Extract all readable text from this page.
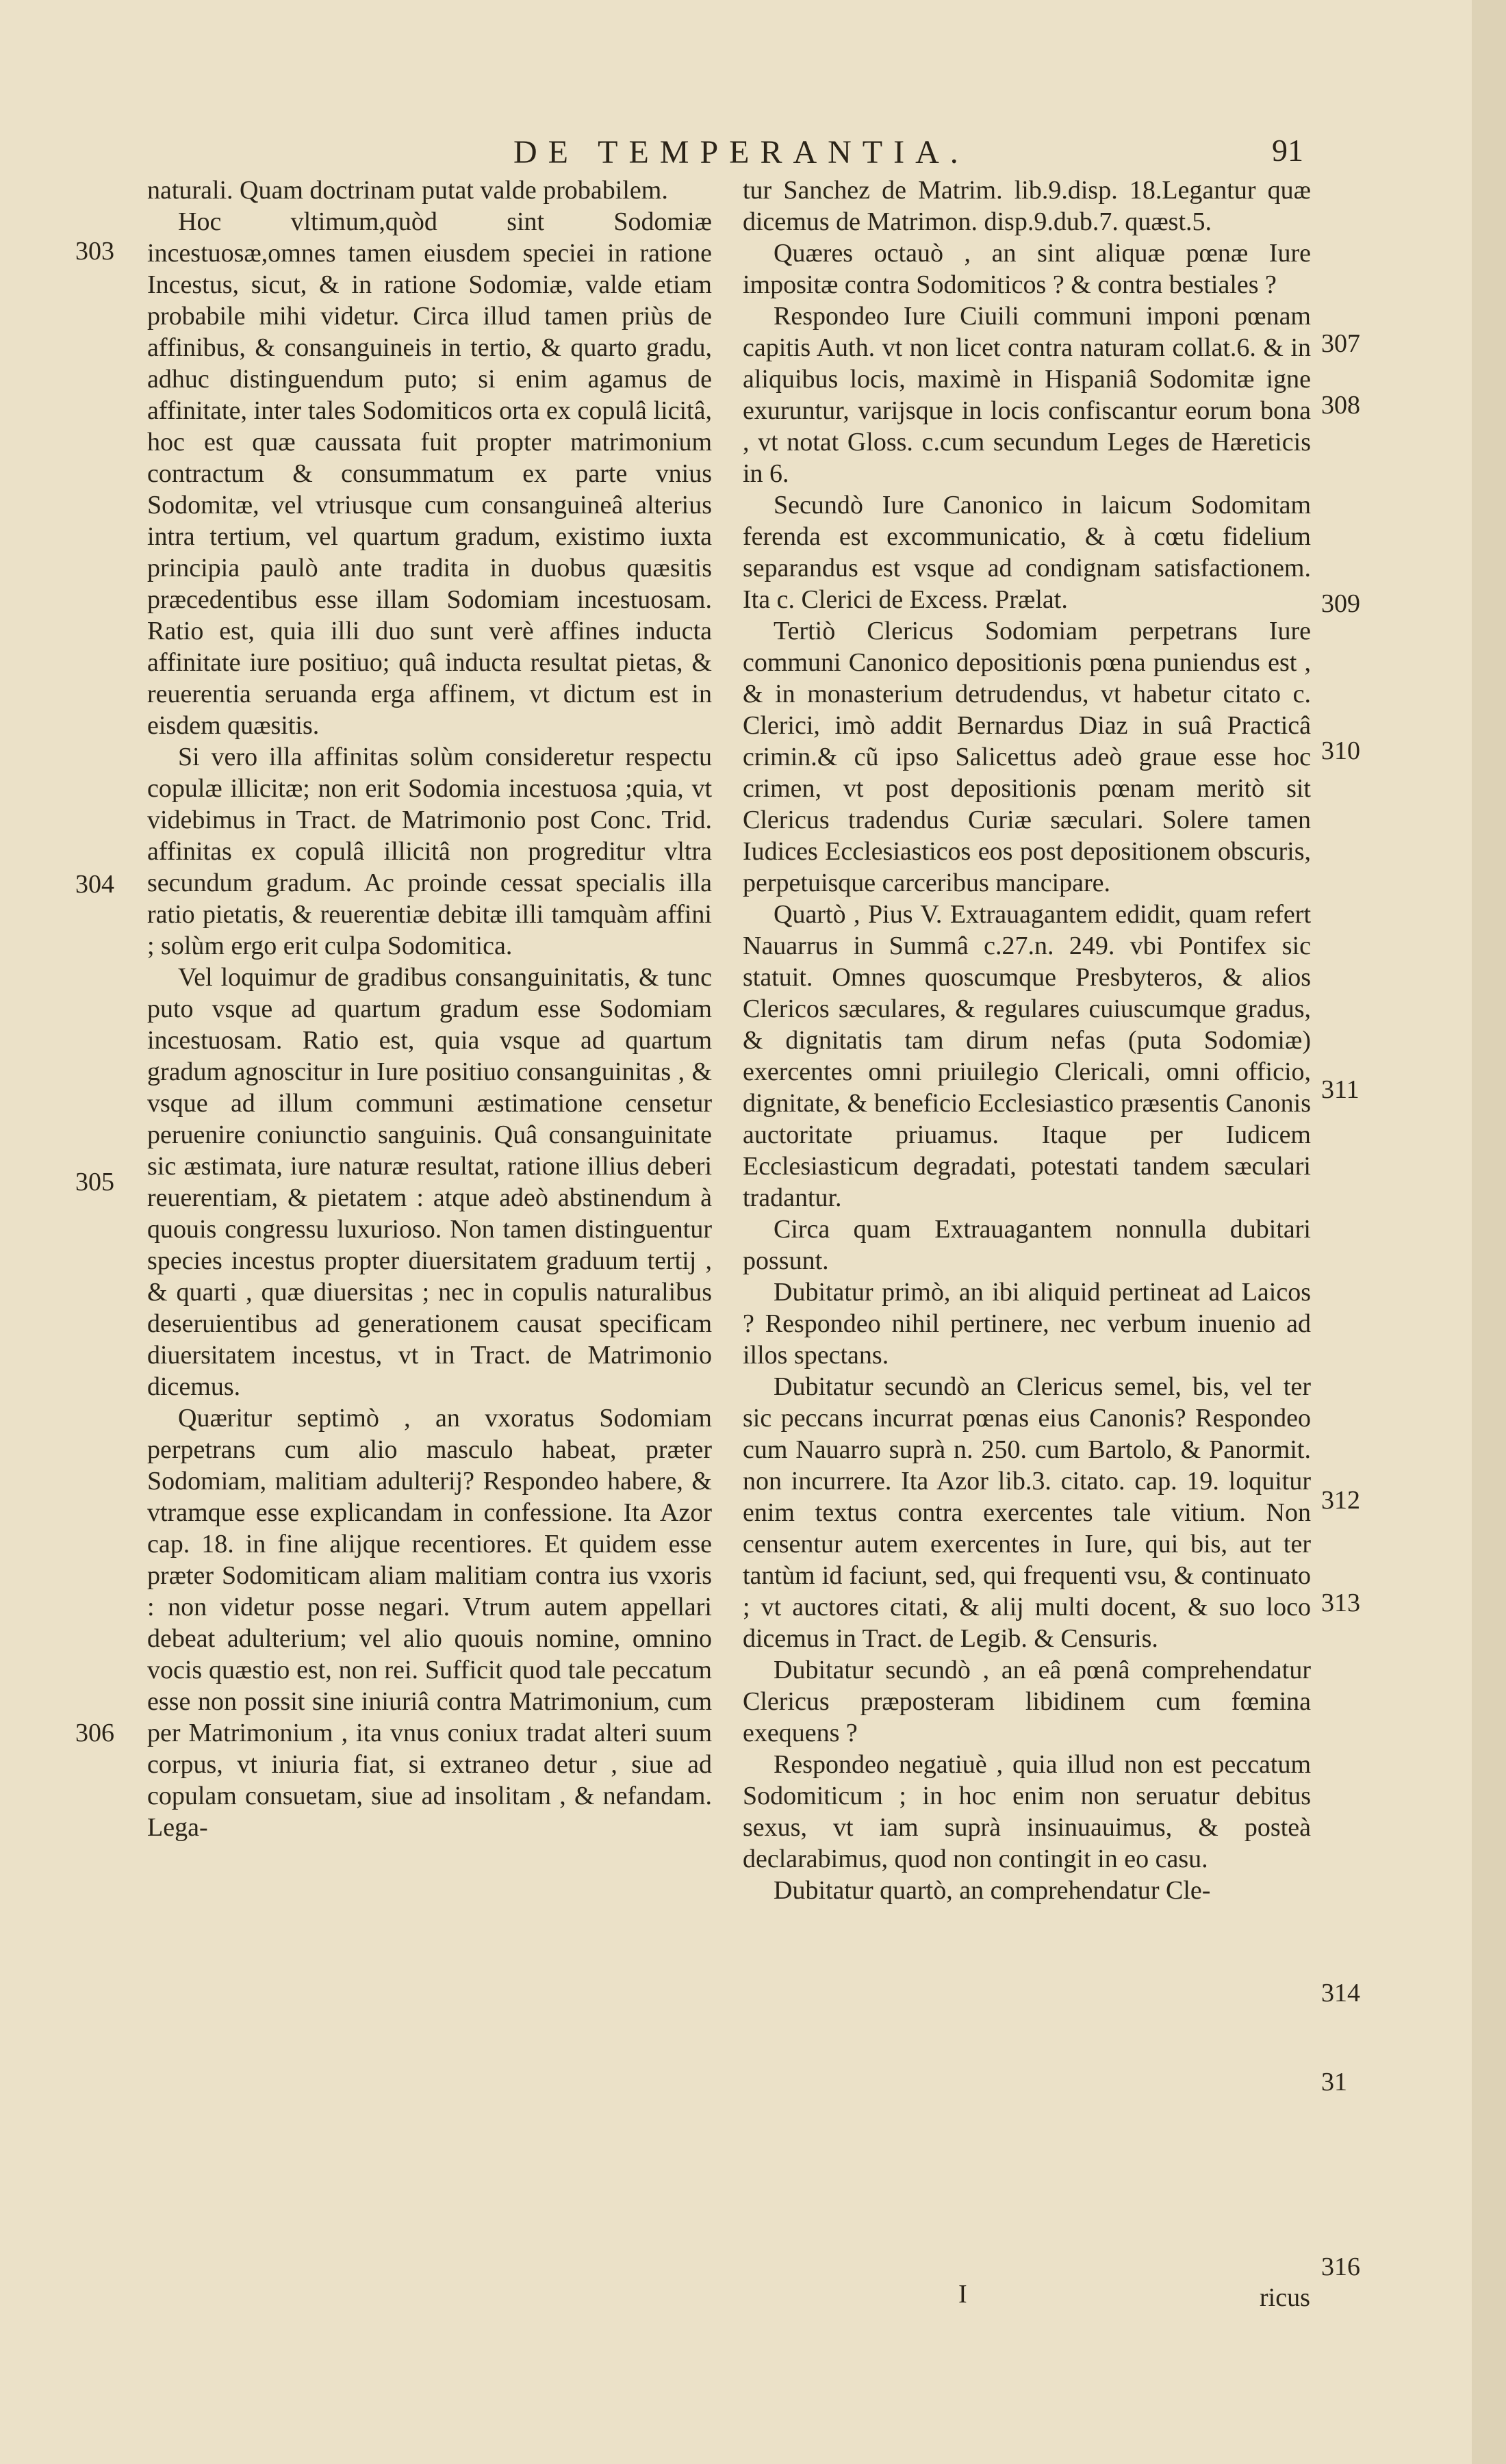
DE TEMPERANTIA.	91

naturali. Quam doctrinam putat valde probabilem.

Hoc vltimum,quòd sint Sodomiæ incestuosæ,omnes tamen eiusdem speciei in ratione Incestus, sicut, & in ratione Sodomiæ, valde etiam probabile mihi videtur. Circa illud tamen priùs de affinibus, & consanguineis in tertio, & quarto gradu, adhuc distinguendum puto; si enim agamus de affinitate, inter tales Sodomiticos orta ex copulâ licitâ, hoc est quæ caussata fuit propter matrimonium contractum & consummatum ex parte vnius Sodomitæ, vel vtriusque cum consanguineâ alterius intra tertium, vel quartum gradum, existimo iuxta principia paulò ante tradita in duobus quæsitis præcedentibus esse illam Sodomiam incestuosam. Ratio est, quia illi duo sunt verè affines inducta affinitate iure positiuo; quâ inducta resultat pietas, & reuerentia seruanda erga affinem, vt dictum est in eisdem quæsitis.

Si vero illa affinitas solùm consideretur respectu copulæ illicitæ; non erit Sodomia incestuosa ;quia, vt videbimus in Tract. de Matrimonio post Conc. Trid. affinitas ex copulâ illicitâ non progreditur vltra secundum gradum. Ac proinde cessat specialis illa ratio pietatis, & reuerentiæ debitæ illi tamquàm affini ; solùm ergo erit culpa Sodomitica.

Vel loquimur de gradibus consanguinitatis, & tunc puto vsque ad quartum gradum esse Sodomiam incestuosam. Ratio est, quia vsque ad quartum gradum agnoscitur in Iure positiuo consanguinitas , & vsque ad illum communi æstimatione censetur peruenire coniunctio sanguinis. Quâ consanguinitate sic æstimata, iure naturæ resultat, ratione illius deberi reuerentiam, & pietatem : atque adeò abstinendum à quouis congressu luxurioso. Non tamen distinguentur species incestus propter diuersitatem graduum tertij , & quarti , quæ diuersitas ; nec in copulis naturalibus deseruientibus ad generationem causat specificam diuersitatem incestus, vt in Tract. de Matrimonio dicemus.

Quæritur septimò , an vxoratus Sodomiam perpetrans cum alio masculo habeat, præter Sodomiam, malitiam adulterij? Respondeo habere, & vtramque esse explicandam in confessione. Ita Azor cap. 18. in fine alijque recentiores. Et quidem esse præter Sodomiticam aliam malitiam contra ius vxoris : non videtur posse negari. Vtrum autem appellari debeat adulterium; vel alio quouis nomine, omnino vocis quæstio est, non rei. Sufficit quod tale peccatum esse non possit sine iniuriâ contra Matrimonium, cum per Matrimonium , ita vnus coniux tradat alteri suum corpus, vt iniuria fiat, si extraneo detur , siue ad copulam consuetam, siue ad insolitam , & nefandam. Lega-

tur Sanchez de Matrim. lib.9.disp. 18.Legantur quæ dicemus de Matrimon. disp.9.dub.7. quæst.5.

Quæres octauò , an sint aliquæ pœnæ Iure impositæ contra Sodomiticos ? & contra bestiales ?

Respondeo Iure Ciuili communi imponi pœnam capitis Auth. vt non licet contra naturam collat.6. & in aliquibus locis, maximè in Hispaniâ Sodomitæ igne exuruntur, varijsque in locis confiscantur eorum bona , vt notat Gloss. c.cum secundum Leges de Hæreticis in 6.

Secundò Iure Canonico in laicum Sodomitam ferenda est excommunicatio, & à cœtu fidelium separandus est vsque ad condignam satisfactionem. Ita c. Clerici de Excess. Prælat.

Tertiò Clericus Sodomiam perpetrans Iure communi Canonico depositionis pœna puniendus est , & in monasterium detrudendus, vt habetur citato c. Clerici, imò addit Bernardus Diaz in suâ Practicâ crimin.& cũ ipso Salicettus adeò graue esse hoc crimen, vt post depositionis pœnam meritò sit Clericus tradendus Curiæ sæculari. Solere tamen Iudices Ecclesiasticos eos post depositionem obscuris, perpetuisque carceribus mancipare.

Quartò , Pius V. Extrauagantem edidit, quam refert Nauarrus in Summâ c.27.n. 249. vbi Pontifex sic statuit. Omnes quoscumque Presbyteros, & alios Clericos sæculares, & regulares cuiuscumque gradus, & dignitatis tam dirum nefas (puta Sodomiæ) exercentes omni priuilegio Clericali, omni officio, dignitate, & beneficio Ecclesiastico præsentis Canonis auctoritate priuamus. Itaque per Iudicem Ecclesiasticum degradati, potestati tandem sæculari tradantur.

Circa quam Extrauagantem nonnulla dubitari possunt.

Dubitatur primò, an ibi aliquid pertineat ad Laicos ? Respondeo nihil pertinere, nec verbum inuenio ad illos spectans.

Dubitatur secundò an Clericus semel, bis, vel ter sic peccans incurrat pœnas eius Canonis? Respondeo cum Nauarro suprà n. 250. cum Bartolo, & Panormit. non incurrere. Ita Azor lib.3. citato. cap. 19. loquitur enim textus contra exercentes tale vitium. Non censentur autem exercentes in Iure, qui bis, aut ter tantùm id faciunt, sed, qui frequenti vsu, & continuato ; vt auctores citati, & alij multi docent, & suo loco dicemus in Tract. de Legib. & Censuris.

Dubitatur secundò , an eâ pœnâ comprehendatur Clericus præposteram libidinem cum fœmina exequens ?

Respondeo negatiuè , quia illud non est peccatum Sodomiticum ; in hoc enim non seruatur debitus sexus, vt iam suprà insinuauimus, & posteà declarabimus, quod non contingit in eo casu.

Dubitatur quartò, an comprehendatur Cle-

303
304
305
306
307
308
309
310
311
312
313
314
31
316
I	ricus
